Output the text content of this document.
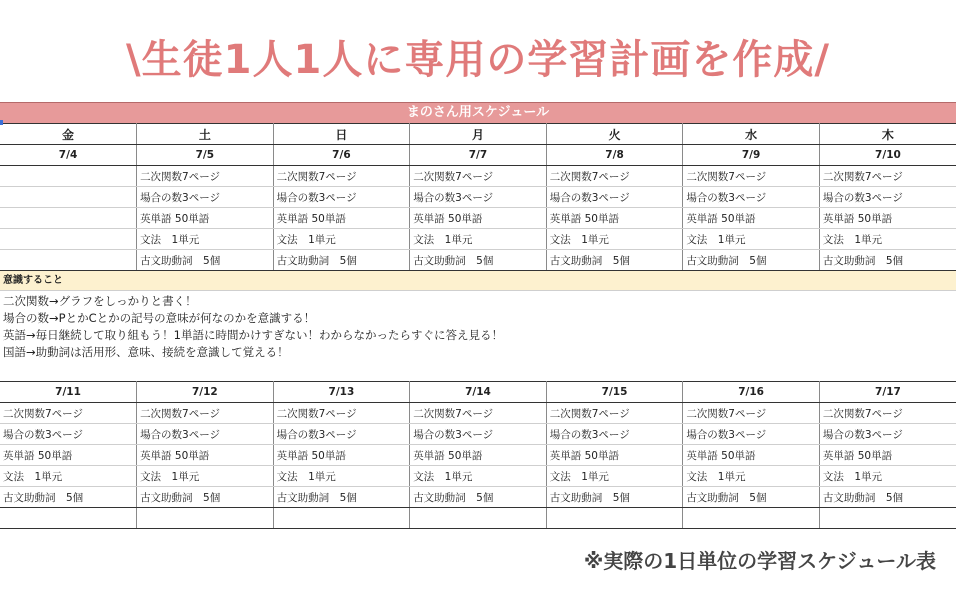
\生徒1人1人に専用の学習計画を作成/
まのさん用スケジュール
金	土	日	月	火	水	木
7/4	7/5	7/6	7/7	7/8	7/9	7/10
	二次関数7ページ	二次関数7ページ	二次関数7ページ	二次関数7ページ	二次関数7ページ	二次関数7ページ
	場合の数3ページ	場合の数3ページ	場合の数3ページ	場合の数3ページ	場合の数3ページ	場合の数3ページ
	英単語 50単語	英単語 50単語	英単語 50単語	英単語 50単語	英単語 50単語	英単語 50単語
	文法　1単元	文法　1単元	文法　1単元	文法　1単元	文法　1単元	文法　1単元
	古文助動詞　5個	古文助動詞　5個	古文助動詞　5個	古文助動詞　5個	古文助動詞　5個	古文助動詞　5個
意識すること
二次関数→グラフをしっかりと書く！
場合の数→PとかCとかの記号の意味が何なのかを意識する！
英語→毎日継続して取り組もう！1単語に時間かけすぎない！わからなかったらすぐに答え見る！
国語→助動詞は活用形、意味、接続を意識して覚える！
7/11	7/12	7/13	7/14	7/15	7/16	7/17
二次関数7ページ	二次関数7ページ	二次関数7ページ	二次関数7ページ	二次関数7ページ	二次関数7ページ	二次関数7ページ
場合の数3ページ	場合の数3ページ	場合の数3ページ	場合の数3ページ	場合の数3ページ	場合の数3ページ	場合の数3ページ
英単語 50単語	英単語 50単語	英単語 50単語	英単語 50単語	英単語 50単語	英単語 50単語	英単語 50単語
文法　1単元	文法　1単元	文法　1単元	文法　1単元	文法　1単元	文法　1単元	文法　1単元
古文助動詞　5個	古文助動詞　5個	古文助動詞　5個	古文助動詞　5個	古文助動詞　5個	古文助動詞　5個	古文助動詞　5個

※実際の1日単位の学習スケジュール表
